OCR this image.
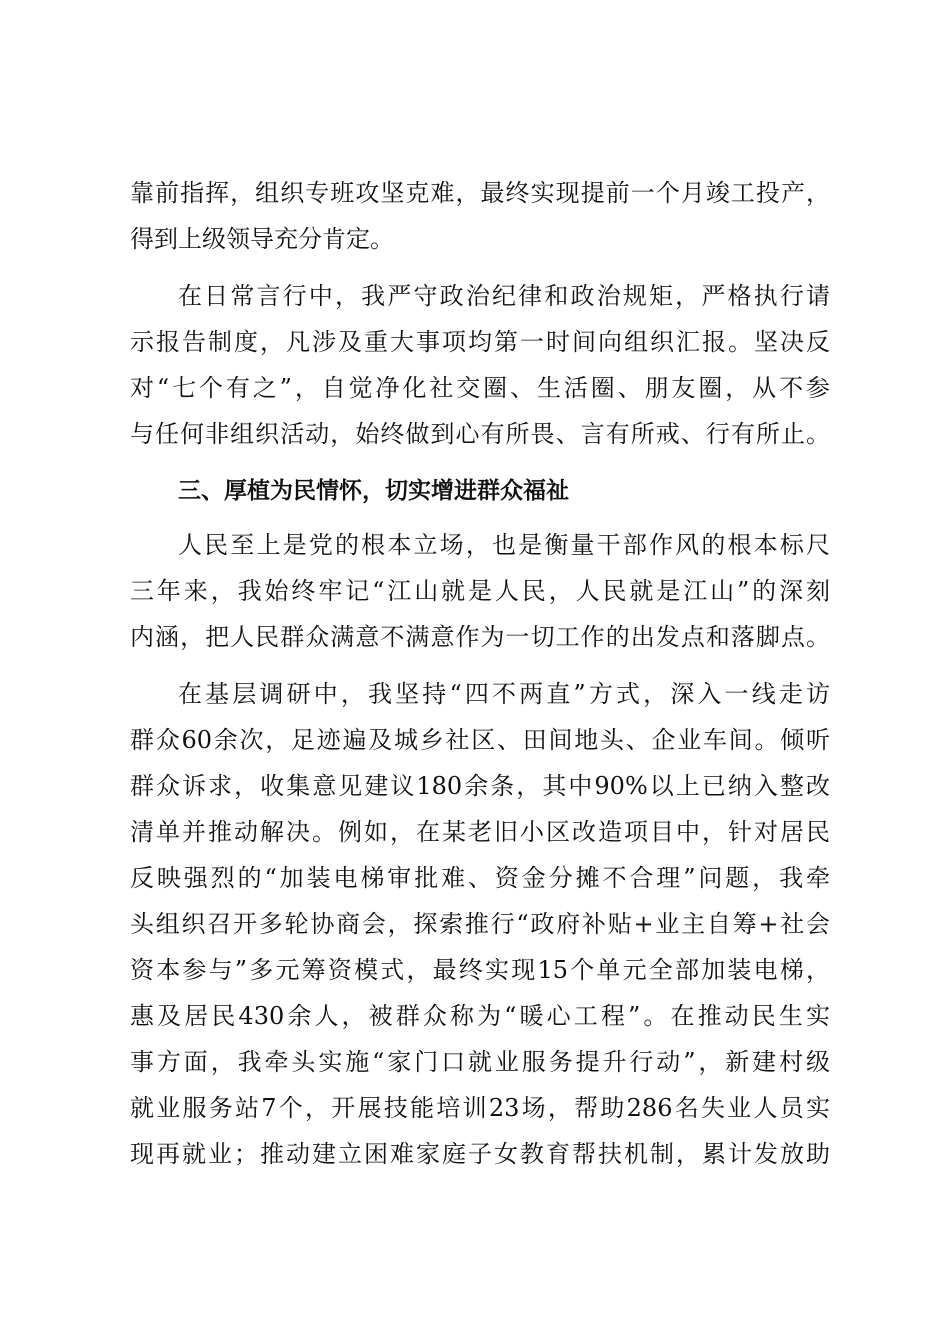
靠前指挥，组织专班攻坚克难，最终实现提前一个月竣工投产，
得到上级领导充分肯定。
在日常言行中，我严守政治纪律和政治规矩，严格执行请
示报告制度，凡涉及重大事项均第一时间向组织汇报。坚决反
对“七个有之”，自觉净化社交圈、生活圈、朋友圈，从不参
与任何非组织活动，始终做到心有所畏、言有所戒、行有所止。
三、厚植为民情怀，切实增进群众福祉
人民至上是党的根本立场，也是衡量干部作风的根本标尺
三年来，我始终牢记“江山就是人民，人民就是江山”的深刻
内涵，把人民群众满意不满意作为一切工作的出发点和落脚点。
在基层调研中，我坚持“四不两直”方式，深入一线走访
群众60余次，足迹遍及城乡社区、田间地头、企业车间。倾听
群众诉求，收集意见建议180余条，其中90%以上已纳入整改
清单并推动解决。例如，在某老旧小区改造项目中，针对居民
反映强烈的“加装电梯审批难、资金分摊不合理”问题，我牵
头组织召开多轮协商会，探索推行“政府补贴+业主自筹+社会
资本参与”多元筹资模式，最终实现15个单元全部加装电梯，
惠及居民430余人，被群众称为“暖心工程”。在推动民生实
事方面，我牵头实施“家门口就业服务提升行动”，新建村级
就业服务站7个，开展技能培训23场，帮助286名失业人员实
现再就业；推动建立困难家庭子女教育帮扶机制，累计发放助
